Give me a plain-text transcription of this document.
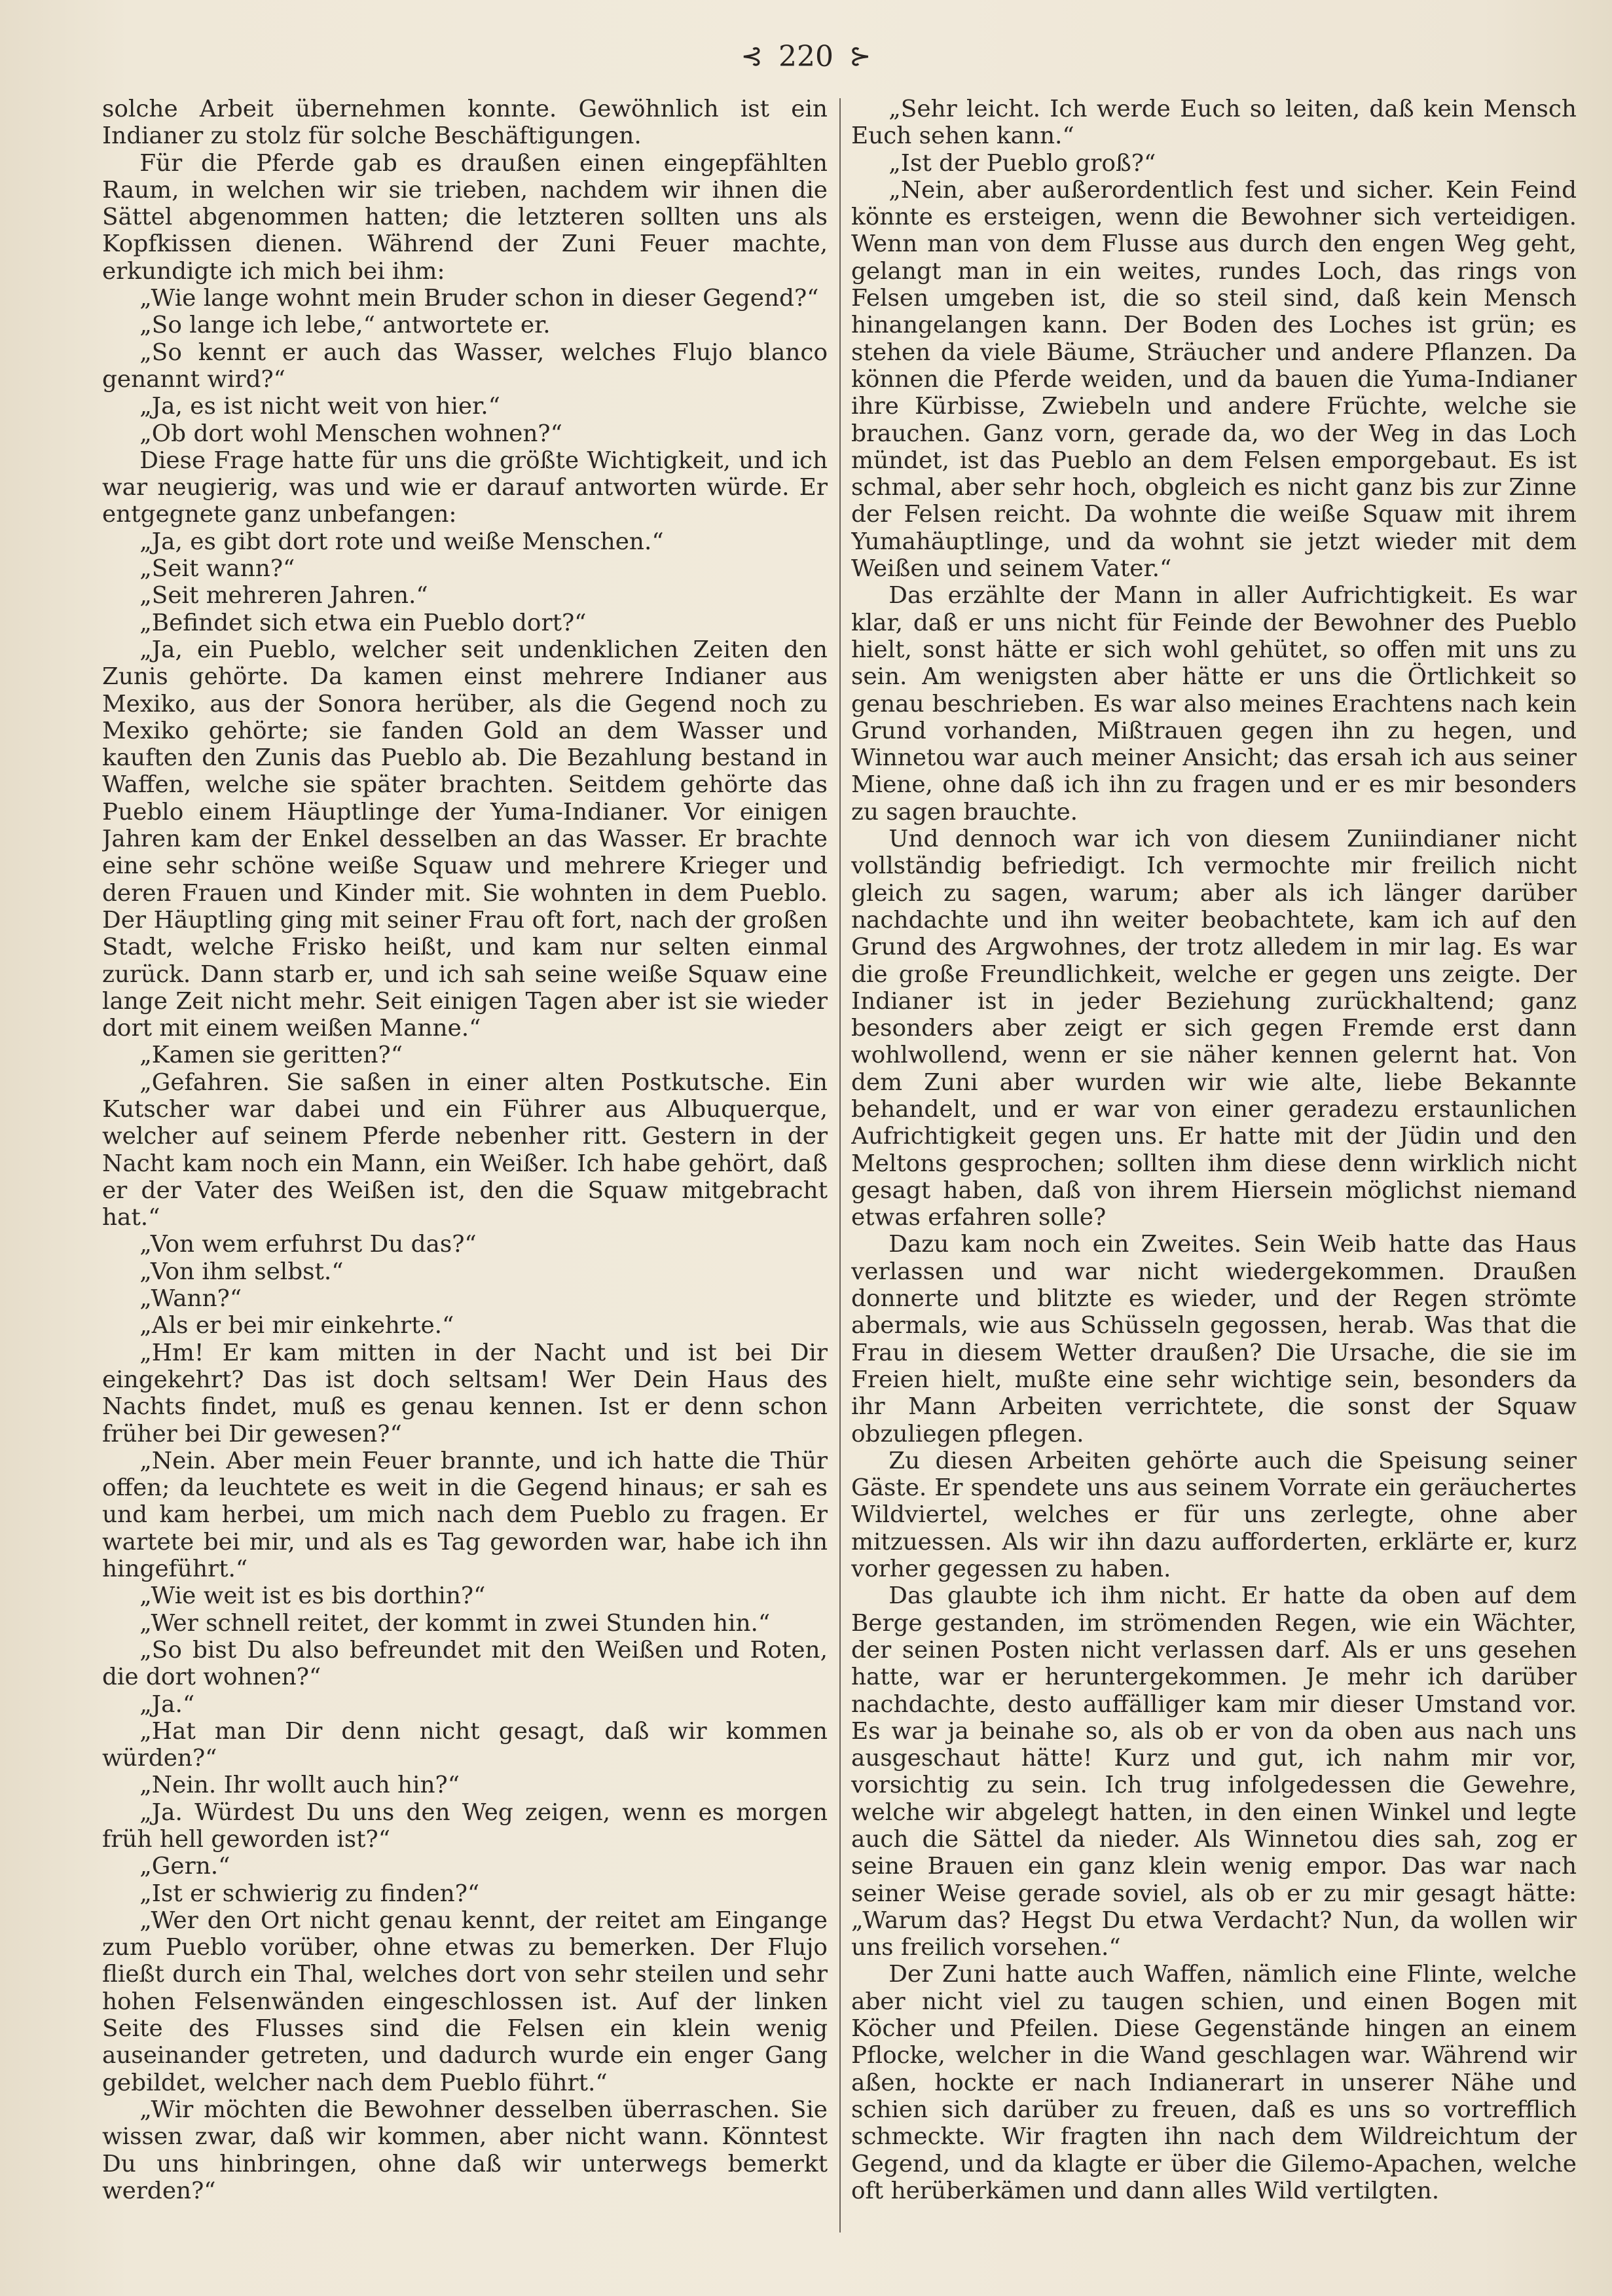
⊰ 220 ⊱

solche Arbeit übernehmen konnte. Gewöhnlich ist ein Indianer zu stolz für solche Beschäftigungen.

Für die Pferde gab es draußen einen eingepfählten Raum, in welchen wir sie trieben, nachdem wir ihnen die Sättel abgenommen hatten; die letzteren sollten uns als Kopfkissen dienen. Während der Zuni Feuer machte, erkundigte ich mich bei ihm:

„Wie lange wohnt mein Bruder schon in dieser Gegend?“

„So lange ich lebe,“ antwortete er.

„So kennt er auch das Wasser, welches Flujo blanco genannt wird?“

„Ja, es ist nicht weit von hier.“

„Ob dort wohl Menschen wohnen?“

Diese Frage hatte für uns die größte Wichtigkeit, und ich war neugierig, was und wie er darauf antworten würde. Er entgegnete ganz unbefangen:

„Ja, es gibt dort rote und weiße Menschen.“

„Seit wann?“

„Seit mehreren Jahren.“

„Befindet sich etwa ein Pueblo dort?“

„Ja, ein Pueblo, welcher seit undenklichen Zeiten den Zunis gehörte. Da kamen einst mehrere Indianer aus Mexiko, aus der Sonora herüber, als die Gegend noch zu Mexiko gehörte; sie fanden Gold an dem Wasser und kauften den Zunis das Pueblo ab. Die Bezahlung bestand in Waffen, welche sie später brachten. Seitdem gehörte das Pueblo einem Häuptlinge der Yuma-Indianer. Vor einigen Jahren kam der Enkel desselben an das Wasser. Er brachte eine sehr schöne weiße Squaw und mehrere Krieger und deren Frauen und Kinder mit. Sie wohnten in dem Pueblo. Der Häuptling ging mit seiner Frau oft fort, nach der großen Stadt, welche Frisko heißt, und kam nur selten einmal zurück. Dann starb er, und ich sah seine weiße Squaw eine lange Zeit nicht mehr. Seit einigen Tagen aber ist sie wieder dort mit einem weißen Manne.“

„Kamen sie geritten?“

„Gefahren. Sie saßen in einer alten Postkutsche. Ein Kutscher war dabei und ein Führer aus Albuquerque, welcher auf seinem Pferde nebenher ritt. Gestern in der Nacht kam noch ein Mann, ein Weißer. Ich habe gehört, daß er der Vater des Weißen ist, den die Squaw mitgebracht hat.“

„Von wem erfuhrst Du das?“

„Von ihm selbst.“

„Wann?“

„Als er bei mir einkehrte.“

„Hm! Er kam mitten in der Nacht und ist bei Dir eingekehrt? Das ist doch seltsam! Wer Dein Haus des Nachts findet, muß es genau kennen. Ist er denn schon früher bei Dir gewesen?“

„Nein. Aber mein Feuer brannte, und ich hatte die Thür offen; da leuchtete es weit in die Gegend hinaus; er sah es und kam herbei, um mich nach dem Pueblo zu fragen. Er wartete bei mir, und als es Tag geworden war, habe ich ihn hingeführt.“

„Wie weit ist es bis dorthin?“

„Wer schnell reitet, der kommt in zwei Stunden hin.“

„So bist Du also befreundet mit den Weißen und Roten, die dort wohnen?“

„Ja.“

„Hat man Dir denn nicht gesagt, daß wir kommen würden?“

„Nein. Ihr wollt auch hin?“

„Ja. Würdest Du uns den Weg zeigen, wenn es morgen früh hell geworden ist?“

„Gern.“

„Ist er schwierig zu finden?“

„Wer den Ort nicht genau kennt, der reitet am Eingange zum Pueblo vorüber, ohne etwas zu bemerken. Der Flujo fließt durch ein Thal, welches dort von sehr steilen und sehr hohen Felsenwänden eingeschlossen ist. Auf der linken Seite des Flusses sind die Felsen ein klein wenig auseinander getreten, und dadurch wurde ein enger Gang gebildet, welcher nach dem Pueblo führt.“

„Wir möchten die Bewohner desselben überraschen. Sie wissen zwar, daß wir kommen, aber nicht wann. Könntest Du uns hinbringen, ohne daß wir unterwegs bemerkt werden?“

„Sehr leicht. Ich werde Euch so leiten, daß kein Mensch Euch sehen kann.“

„Ist der Pueblo groß?“

„Nein, aber außerordentlich fest und sicher. Kein Feind könnte es ersteigen, wenn die Bewohner sich verteidigen. Wenn man von dem Flusse aus durch den engen Weg geht, gelangt man in ein weites, rundes Loch, das rings von Felsen umgeben ist, die so steil sind, daß kein Mensch hinangelangen kann. Der Boden des Loches ist grün; es stehen da viele Bäume, Sträucher und andere Pflanzen. Da können die Pferde weiden, und da bauen die Yuma-Indianer ihre Kürbisse, Zwiebeln und andere Früchte, welche sie brauchen. Ganz vorn, gerade da, wo der Weg in das Loch mündet, ist das Pueblo an dem Felsen emporgebaut. Es ist schmal, aber sehr hoch, obgleich es nicht ganz bis zur Zinne der Felsen reicht. Da wohnte die weiße Squaw mit ihrem Yumahäuptlinge, und da wohnt sie jetzt wieder mit dem Weißen und seinem Vater.“

Das erzählte der Mann in aller Aufrichtigkeit. Es war klar, daß er uns nicht für Feinde der Bewohner des Pueblo hielt, sonst hätte er sich wohl gehütet, so offen mit uns zu sein. Am wenigsten aber hätte er uns die Örtlichkeit so genau beschrieben. Es war also meines Erachtens nach kein Grund vorhanden, Mißtrauen gegen ihn zu hegen, und Winnetou war auch meiner Ansicht; das ersah ich aus seiner Miene, ohne daß ich ihn zu fragen und er es mir besonders zu sagen brauchte.

Und dennoch war ich von diesem Zuniindianer nicht vollständig befriedigt. Ich vermochte mir freilich nicht gleich zu sagen, warum; aber als ich länger darüber nachdachte und ihn weiter beobachtete, kam ich auf den Grund des Argwohnes, der trotz alledem in mir lag. Es war die große Freundlichkeit, welche er gegen uns zeigte. Der Indianer ist in jeder Beziehung zurückhaltend; ganz besonders aber zeigt er sich gegen Fremde erst dann wohlwollend, wenn er sie näher kennen gelernt hat. Von dem Zuni aber wurden wir wie alte, liebe Bekannte behandelt, und er war von einer geradezu erstaunlichen Aufrichtigkeit gegen uns. Er hatte mit der Jüdin und den Meltons gesprochen; sollten ihm diese denn wirklich nicht gesagt haben, daß von ihrem Hiersein möglichst niemand etwas erfahren solle?

Dazu kam noch ein Zweites. Sein Weib hatte das Haus verlassen und war nicht wiedergekommen. Draußen donnerte und blitzte es wieder, und der Regen strömte abermals, wie aus Schüsseln gegossen, herab. Was that die Frau in diesem Wetter draußen? Die Ursache, die sie im Freien hielt, mußte eine sehr wichtige sein, besonders da ihr Mann Arbeiten verrichtete, die sonst der Squaw obzuliegen pflegen.

Zu diesen Arbeiten gehörte auch die Speisung seiner Gäste. Er spendete uns aus seinem Vorrate ein geräuchertes Wildviertel, welches er für uns zerlegte, ohne aber mitzuessen. Als wir ihn dazu aufforderten, erklärte er, kurz vorher gegessen zu haben.

Das glaubte ich ihm nicht. Er hatte da oben auf dem Berge gestanden, im strömenden Regen, wie ein Wächter, der seinen Posten nicht verlassen darf. Als er uns gesehen hatte, war er heruntergekommen. Je mehr ich darüber nachdachte, desto auffälliger kam mir dieser Umstand vor. Es war ja beinahe so, als ob er von da oben aus nach uns ausgeschaut hätte! Kurz und gut, ich nahm mir vor, vorsichtig zu sein. Ich trug infolgedessen die Gewehre, welche wir abgelegt hatten, in den einen Winkel und legte auch die Sättel da nieder. Als Winnetou dies sah, zog er seine Brauen ein ganz klein wenig empor. Das war nach seiner Weise gerade soviel, als ob er zu mir gesagt hätte: „Warum das? Hegst Du etwa Verdacht? Nun, da wollen wir uns freilich vorsehen.“

Der Zuni hatte auch Waffen, nämlich eine Flinte, welche aber nicht viel zu taugen schien, und einen Bogen mit Köcher und Pfeilen. Diese Gegenstände hingen an einem Pflocke, welcher in die Wand geschlagen war. Während wir aßen, hockte er nach Indianerart in unserer Nähe und schien sich darüber zu freuen, daß es uns so vortrefflich schmeckte. Wir fragten ihn nach dem Wildreichtum der Gegend, und da klagte er über die Gilemo-Apachen, welche oft herüberkämen und dann alles Wild vertilgten.
